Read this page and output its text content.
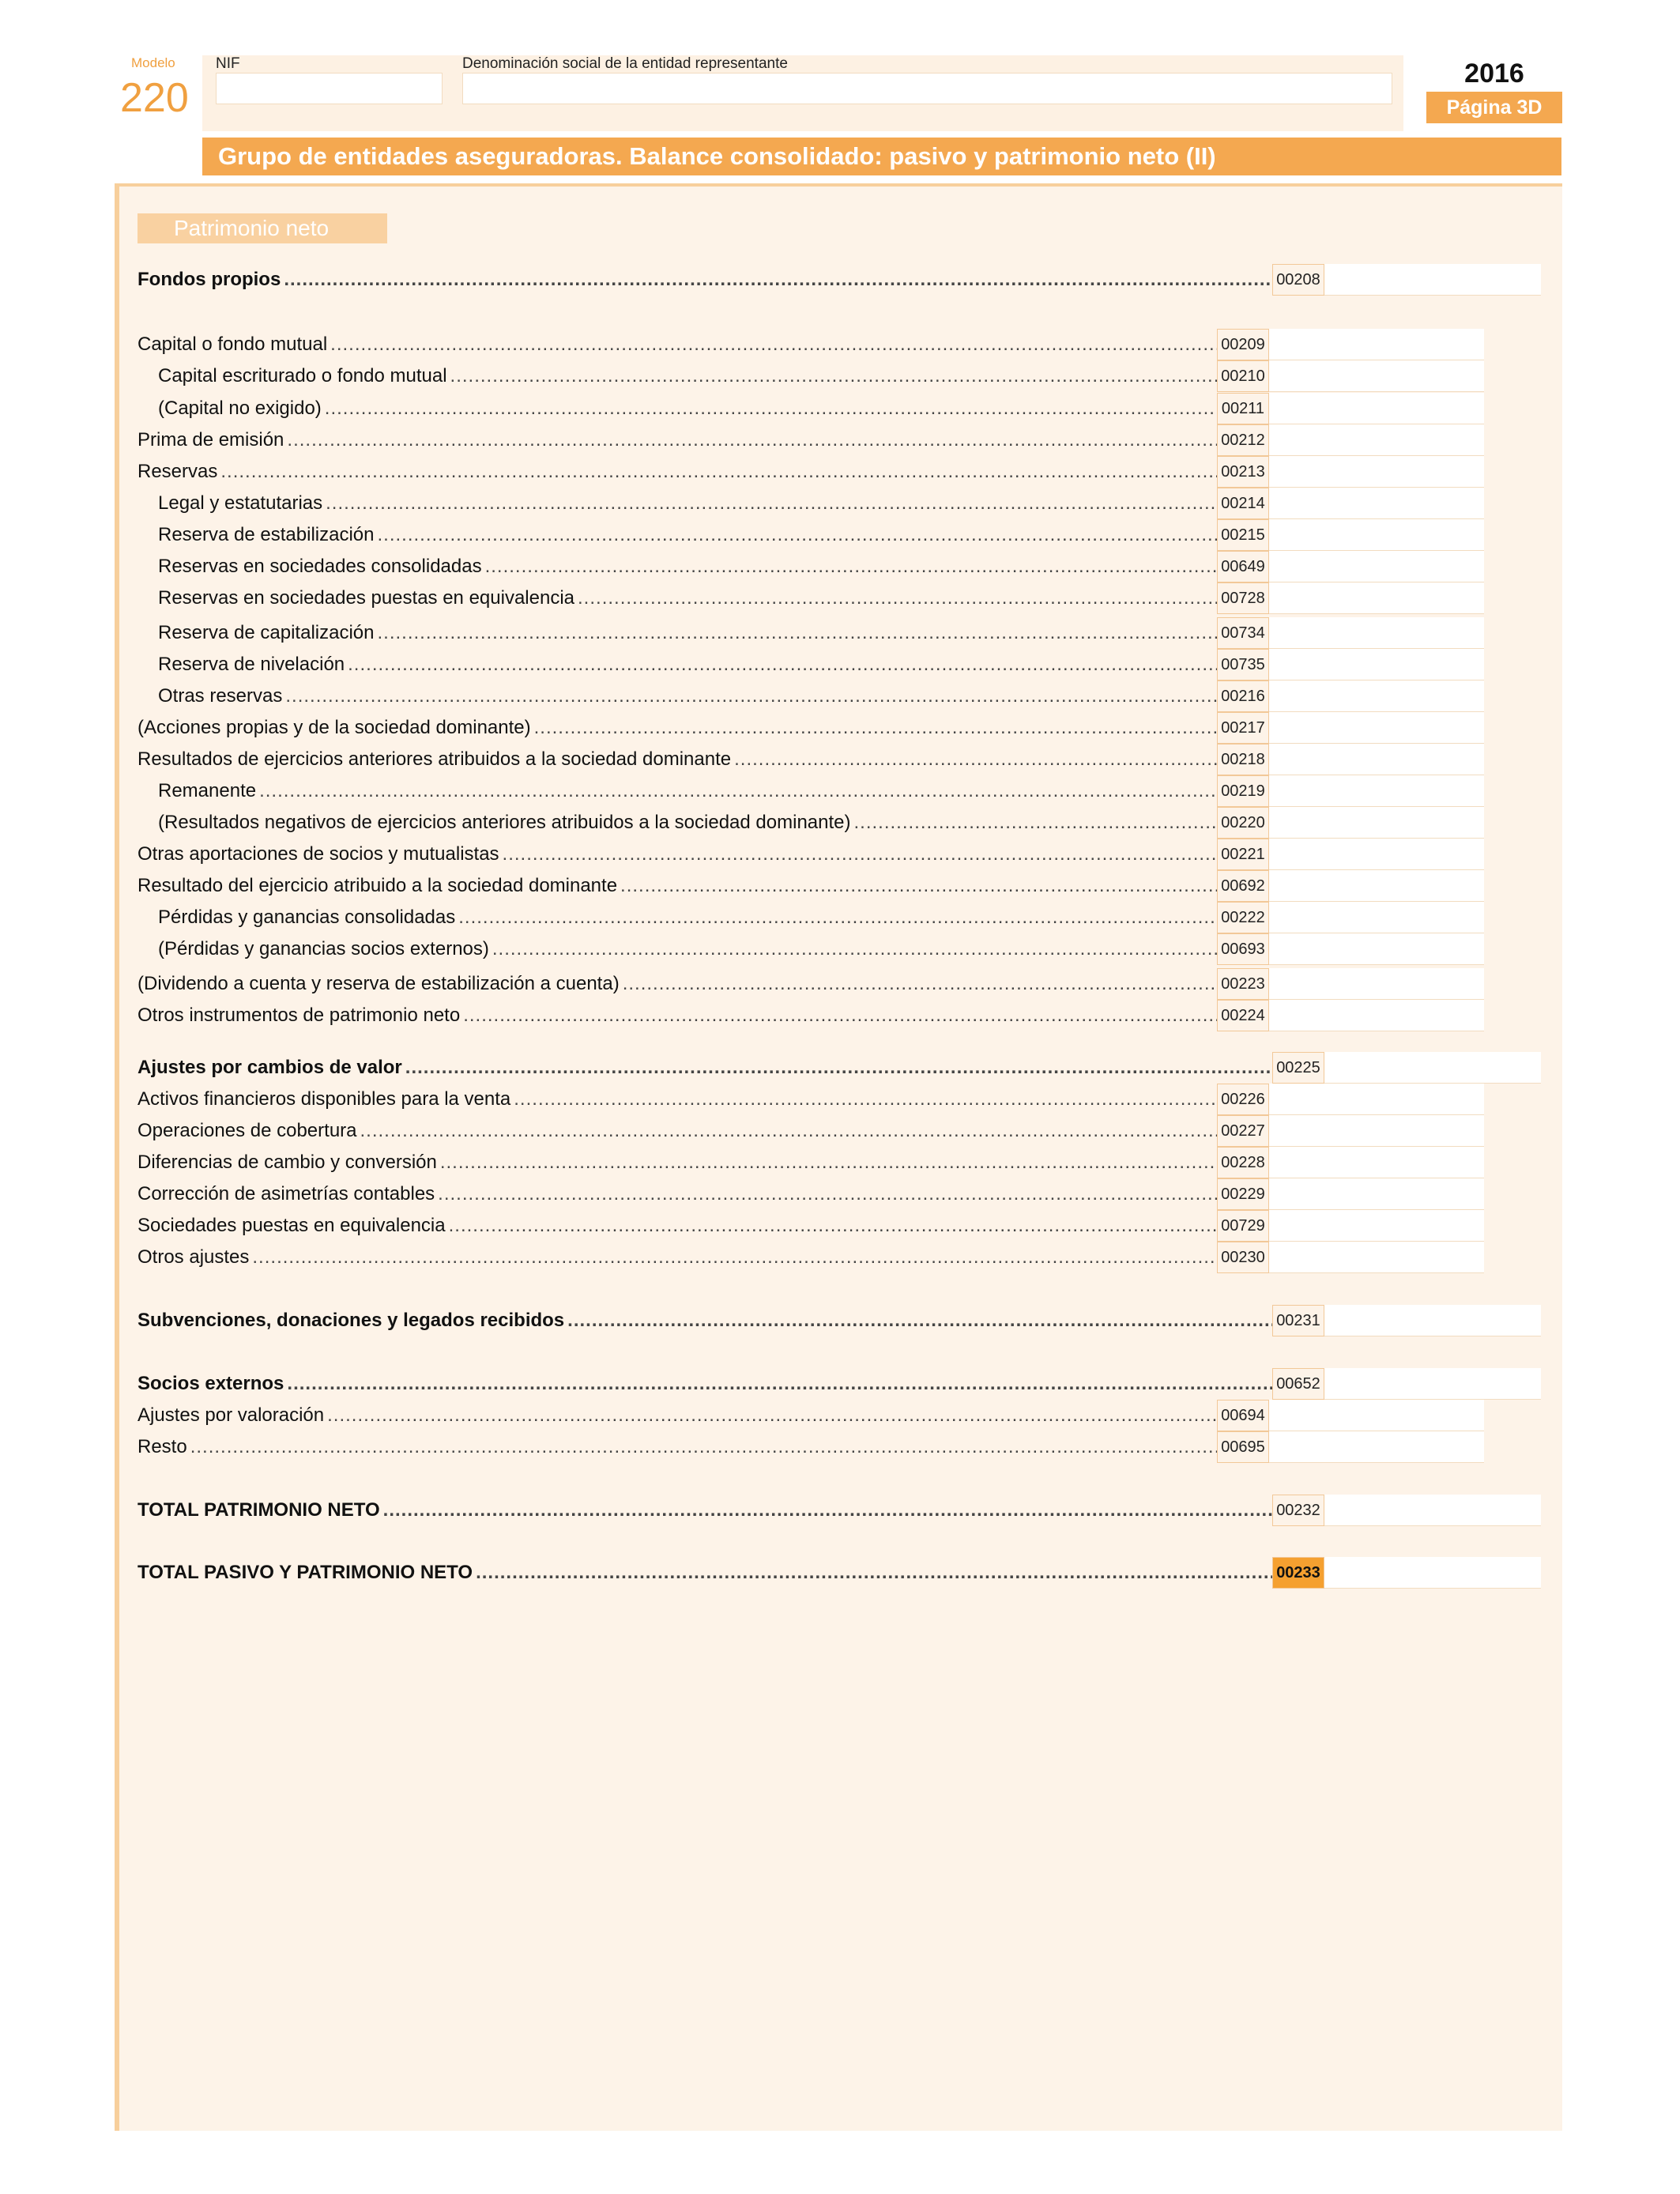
Modelo
220
NIF	Denominación social de la entidad representante	2016
Página 3D
Grupo de entidades aseguradoras. Balance consolidado: pasivo y patrimonio neto (II)
Patrimonio neto
Fondos propios .....	00208
Capital o fondo mutual .....	00209
Capital escriturado o fondo mutual .....	00210
(Capital no exigido) .....	00211
Prima de emisión .....	00212
Reservas .....	00213
Legal y estatutarias .....	00214
Reserva de estabilización .....	00215
Reservas en sociedades consolidadas .....	00649
Reservas en sociedades puestas en equivalencia .....	00728
Reserva de capitalización .....	00734
Reserva de nivelación .....	00735
Otras reservas .....	00216
(Acciones propias y de la sociedad dominante) .....	00217
Resultados de ejercicios anteriores atribuidos a la sociedad dominante .....	00218
Remanente .....	00219
(Resultados negativos de ejercicios anteriores atribuidos a la sociedad dominante) .....	00220
Otras aportaciones de socios y mutualistas .....	00221
Resultado del ejercicio atribuido a la sociedad dominante .....	00692
Pérdidas y ganancias consolidadas .....	00222
(Pérdidas y ganancias socios externos) .....	00693
(Dividendo a cuenta y reserva de estabilización a cuenta) .....	00223
Otros instrumentos de patrimonio neto .....	00224
Ajustes por cambios de valor .....	00225
Activos financieros disponibles para la venta .....	00226
Operaciones de cobertura .....	00227
Diferencias de cambio y conversión .....	00228
Corrección de asimetrías contables .....	00229
Sociedades puestas en equivalencia .....	00729
Otros ajustes .....	00230
Subvenciones, donaciones y legados recibidos .....	00231
Socios externos .....	00652
Ajustes por valoración .....	00694
Resto .....	00695
TOTAL PATRIMONIO NETO .....	00232
TOTAL PASIVO Y PATRIMONIO NETO .....	00233
